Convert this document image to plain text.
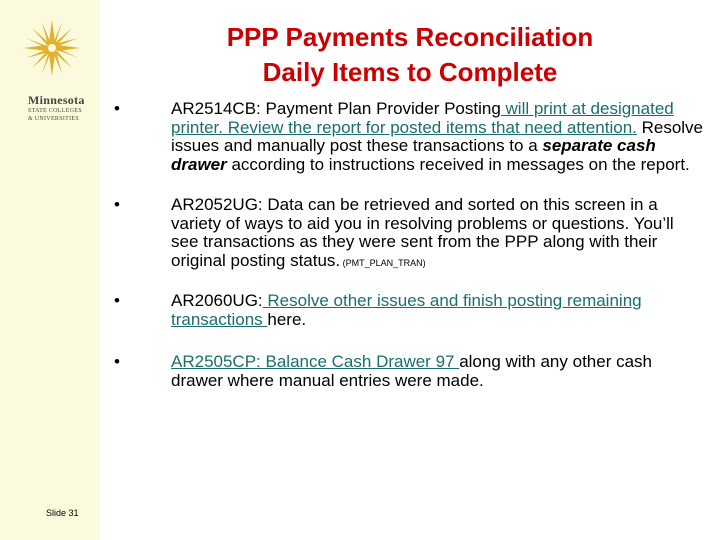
Minnesota
STATE COLLEGES
& UNIVERSITIES
Slide 31
PPP Payments Reconciliation
Daily Items to Complete
•	AR2514CB: Payment Plan Provider Posting will print at designated printer. Review the report for posted items that need attention. Resolve issues and manually post these transactions to a separate cash drawer according to instructions received in messages on the report.
•	AR2052UG: Data can be retrieved and sorted on this screen in a variety of ways to aid you in resolving problems or questions. You’ll see transactions as they were sent from the PPP along with their original posting status. (PMT_PLAN_TRAN)
•	AR2060UG: Resolve other issues and finish posting remaining transactions here.
•	AR2505CP: Balance Cash Drawer 97 along with any other cash drawer where manual entries were made.
